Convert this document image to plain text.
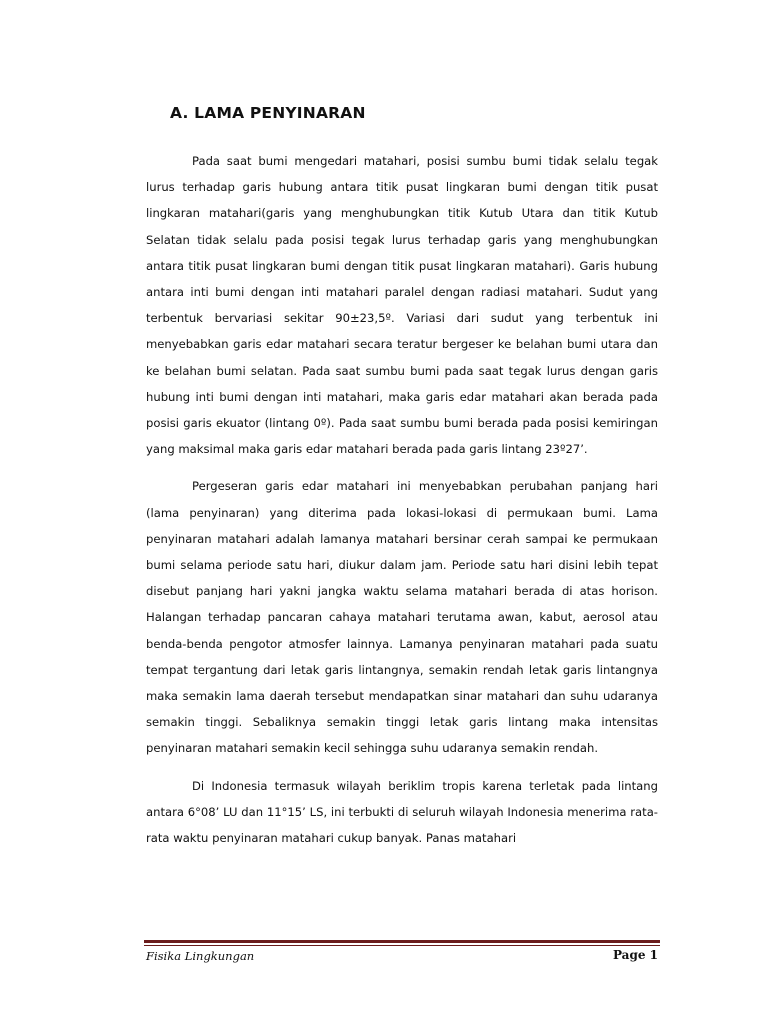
A. LAMA PENYINARAN

Pada saat bumi mengedari matahari, posisi sumbu bumi tidak selalu tegak lurus terhadap garis hubung antara titik pusat lingkaran bumi dengan titik pusat lingkaran matahari(garis yang menghubungkan titik Kutub Utara dan titik Kutub Selatan tidak selalu pada posisi tegak lurus terhadap garis yang menghubungkan antara titik pusat lingkaran bumi dengan titik pusat lingkaran matahari). Garis hubung antara inti bumi dengan inti matahari paralel dengan radiasi matahari. Sudut yang terbentuk bervariasi sekitar 90±23,5º. Variasi dari sudut yang terbentuk ini menyebabkan garis edar matahari secara teratur bergeser ke belahan bumi utara dan ke belahan bumi selatan. Pada saat sumbu bumi pada saat tegak lurus dengan garis hubung inti bumi dengan inti matahari, maka garis edar matahari akan berada pada posisi garis ekuator (lintang 0º). Pada saat sumbu bumi berada pada posisi kemiringan yang maksimal maka garis edar matahari berada pada garis lintang 23º27’.

Pergeseran garis edar matahari ini menyebabkan perubahan panjang hari (lama penyinaran) yang diterima pada lokasi-lokasi di permukaan bumi. Lama penyinaran matahari adalah lamanya matahari bersinar cerah sampai ke permukaan bumi selama periode satu hari, diukur dalam jam. Periode satu hari disini lebih tepat disebut panjang hari yakni jangka waktu selama matahari berada di atas horison. Halangan terhadap pancaran cahaya matahari terutama awan, kabut, aerosol atau benda-benda pengotor atmosfer lainnya. Lamanya penyinaran matahari pada suatu tempat tergantung dari letak garis lintangnya, semakin rendah letak garis lintangnya maka semakin lama daerah tersebut mendapatkan sinar matahari dan suhu udaranya semakin tinggi. Sebaliknya semakin tinggi letak garis lintang maka intensitas penyinaran matahari semakin kecil sehingga suhu udaranya semakin rendah.

Di Indonesia termasuk wilayah beriklim tropis karena terletak pada lintang antara 6°08’ LU dan 11°15’ LS, ini terbukti di seluruh wilayah Indonesia menerima rata-rata waktu penyinaran matahari cukup banyak. Panas matahari

Fisika Lingkungan	Page 1
